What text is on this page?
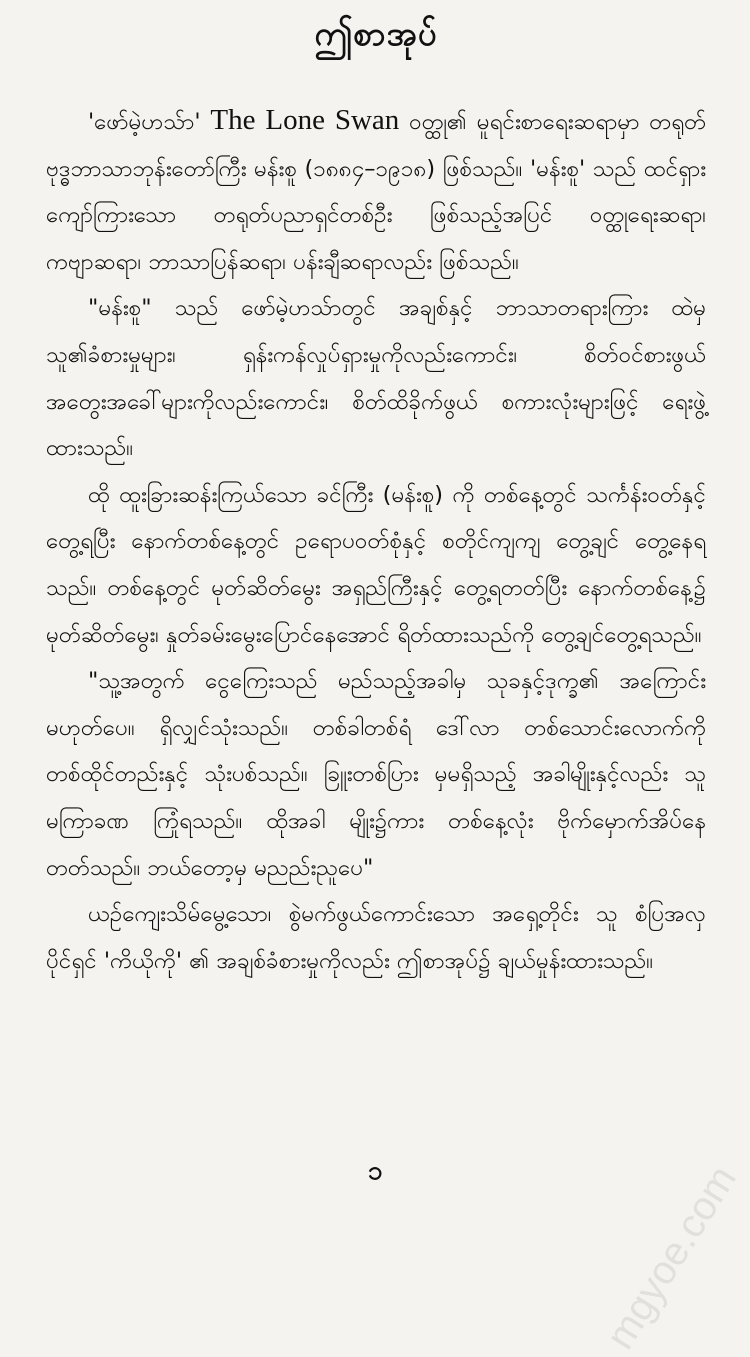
ဤစာအုပ်

'ဖော်မဲ့ဟသ်ာ' The Lone Swan ဝတ္ထု၏ မူရင်းစာရေးဆရာမှာ တရုတ်ဗုဒ္ဓဘာသာဘုန်းတော်ကြီး မန်းစူ (၁၈၈၄–၁၉၁၈) ဖြစ်သည်။ 'မန်းစူ' သည် ထင်ရှားကျော်ကြားသော တရုတ်ပညာရှင်တစ်ဦး ဖြစ်သည့်အပြင် ဝတ္ထုရေးဆရာ၊ ကဗျာဆရာ၊ ဘာသာပြန်ဆရာ၊ ပန်းချီဆရာလည်း ဖြစ်သည်။

"မန်းစူ" သည် ဖော်မဲ့ဟသ်ာတွင် အချစ်နှင့် ဘာသာတရားကြား ထဲမှ သူ၏ခံစားမှုများ၊ ရှန်းကန်လှုပ်ရှားမှုကိုလည်းကောင်း၊ စိတ်ဝင်စားဖွယ် အတွေးအခေါ်များကိုလည်းကောင်း၊ စိတ်ထိခိုက်ဖွယ် စကားလုံးများဖြင့် ရေးဖွဲ့ထားသည်။

ထို ထူးခြားဆန်းကြယ်သော ခင်ကြီး (မန်းစူ) ကို တစ်နေ့တွင် သင်္ကန်းဝတ်နှင့်တွေ့ရပြီး နောက်တစ်နေ့တွင် ဥရောပဝတ်စုံနှင့် စတိုင်ကျကျ တွေ့ချင် တွေ့နေရသည်။ တစ်နေ့တွင် မုတ်ဆိတ်မွေး အရှည်ကြီးနှင့် တွေ့ရတတ်ပြီး နောက်တစ်နေ့၌ မုတ်ဆိတ်မွေး၊ နှုတ်ခမ်းမွေးပြောင်နေအောင် ရိတ်ထားသည်ကို တွေ့ချင်တွေ့ရသည်။

"သူ့အတွက် ငွေကြေးသည် မည်သည့်အခါမှ သုခနှင့်ဒုက္ခ၏ အကြောင်းမဟုတ်ပေ။ ရှိလျှင်သုံးသည်။ တစ်ခါတစ်ရံ ဒေါ်လာ တစ်သောင်းလောက်ကို တစ်ထိုင်တည်းနှင့် သုံးပစ်သည်။ ခြူးတစ်ပြား မှမရှိသည့် အခါမျိုးနှင့်လည်း သူ မကြာခဏ ကြုံရသည်။ ထိုအခါ မျိုး၌ကား တစ်နေ့လုံး ဗိုက်မှောက်အိပ်နေတတ်သည်။ ဘယ်တော့မှ မညည်းညူပေ"

ယဉ်ကျေးသိမ်မွေ့သော၊ စွဲမက်ဖွယ်ကောင်းသော အရှေ့တိုင်း သူ စံပြအလှပိုင်ရှင် 'ကိယိုကို' ၏ အချစ်ခံစားမှုကိုလည်း ဤစာအုပ်၌ ချယ်မှုန်းထားသည်။

mgyoe.com
၁
